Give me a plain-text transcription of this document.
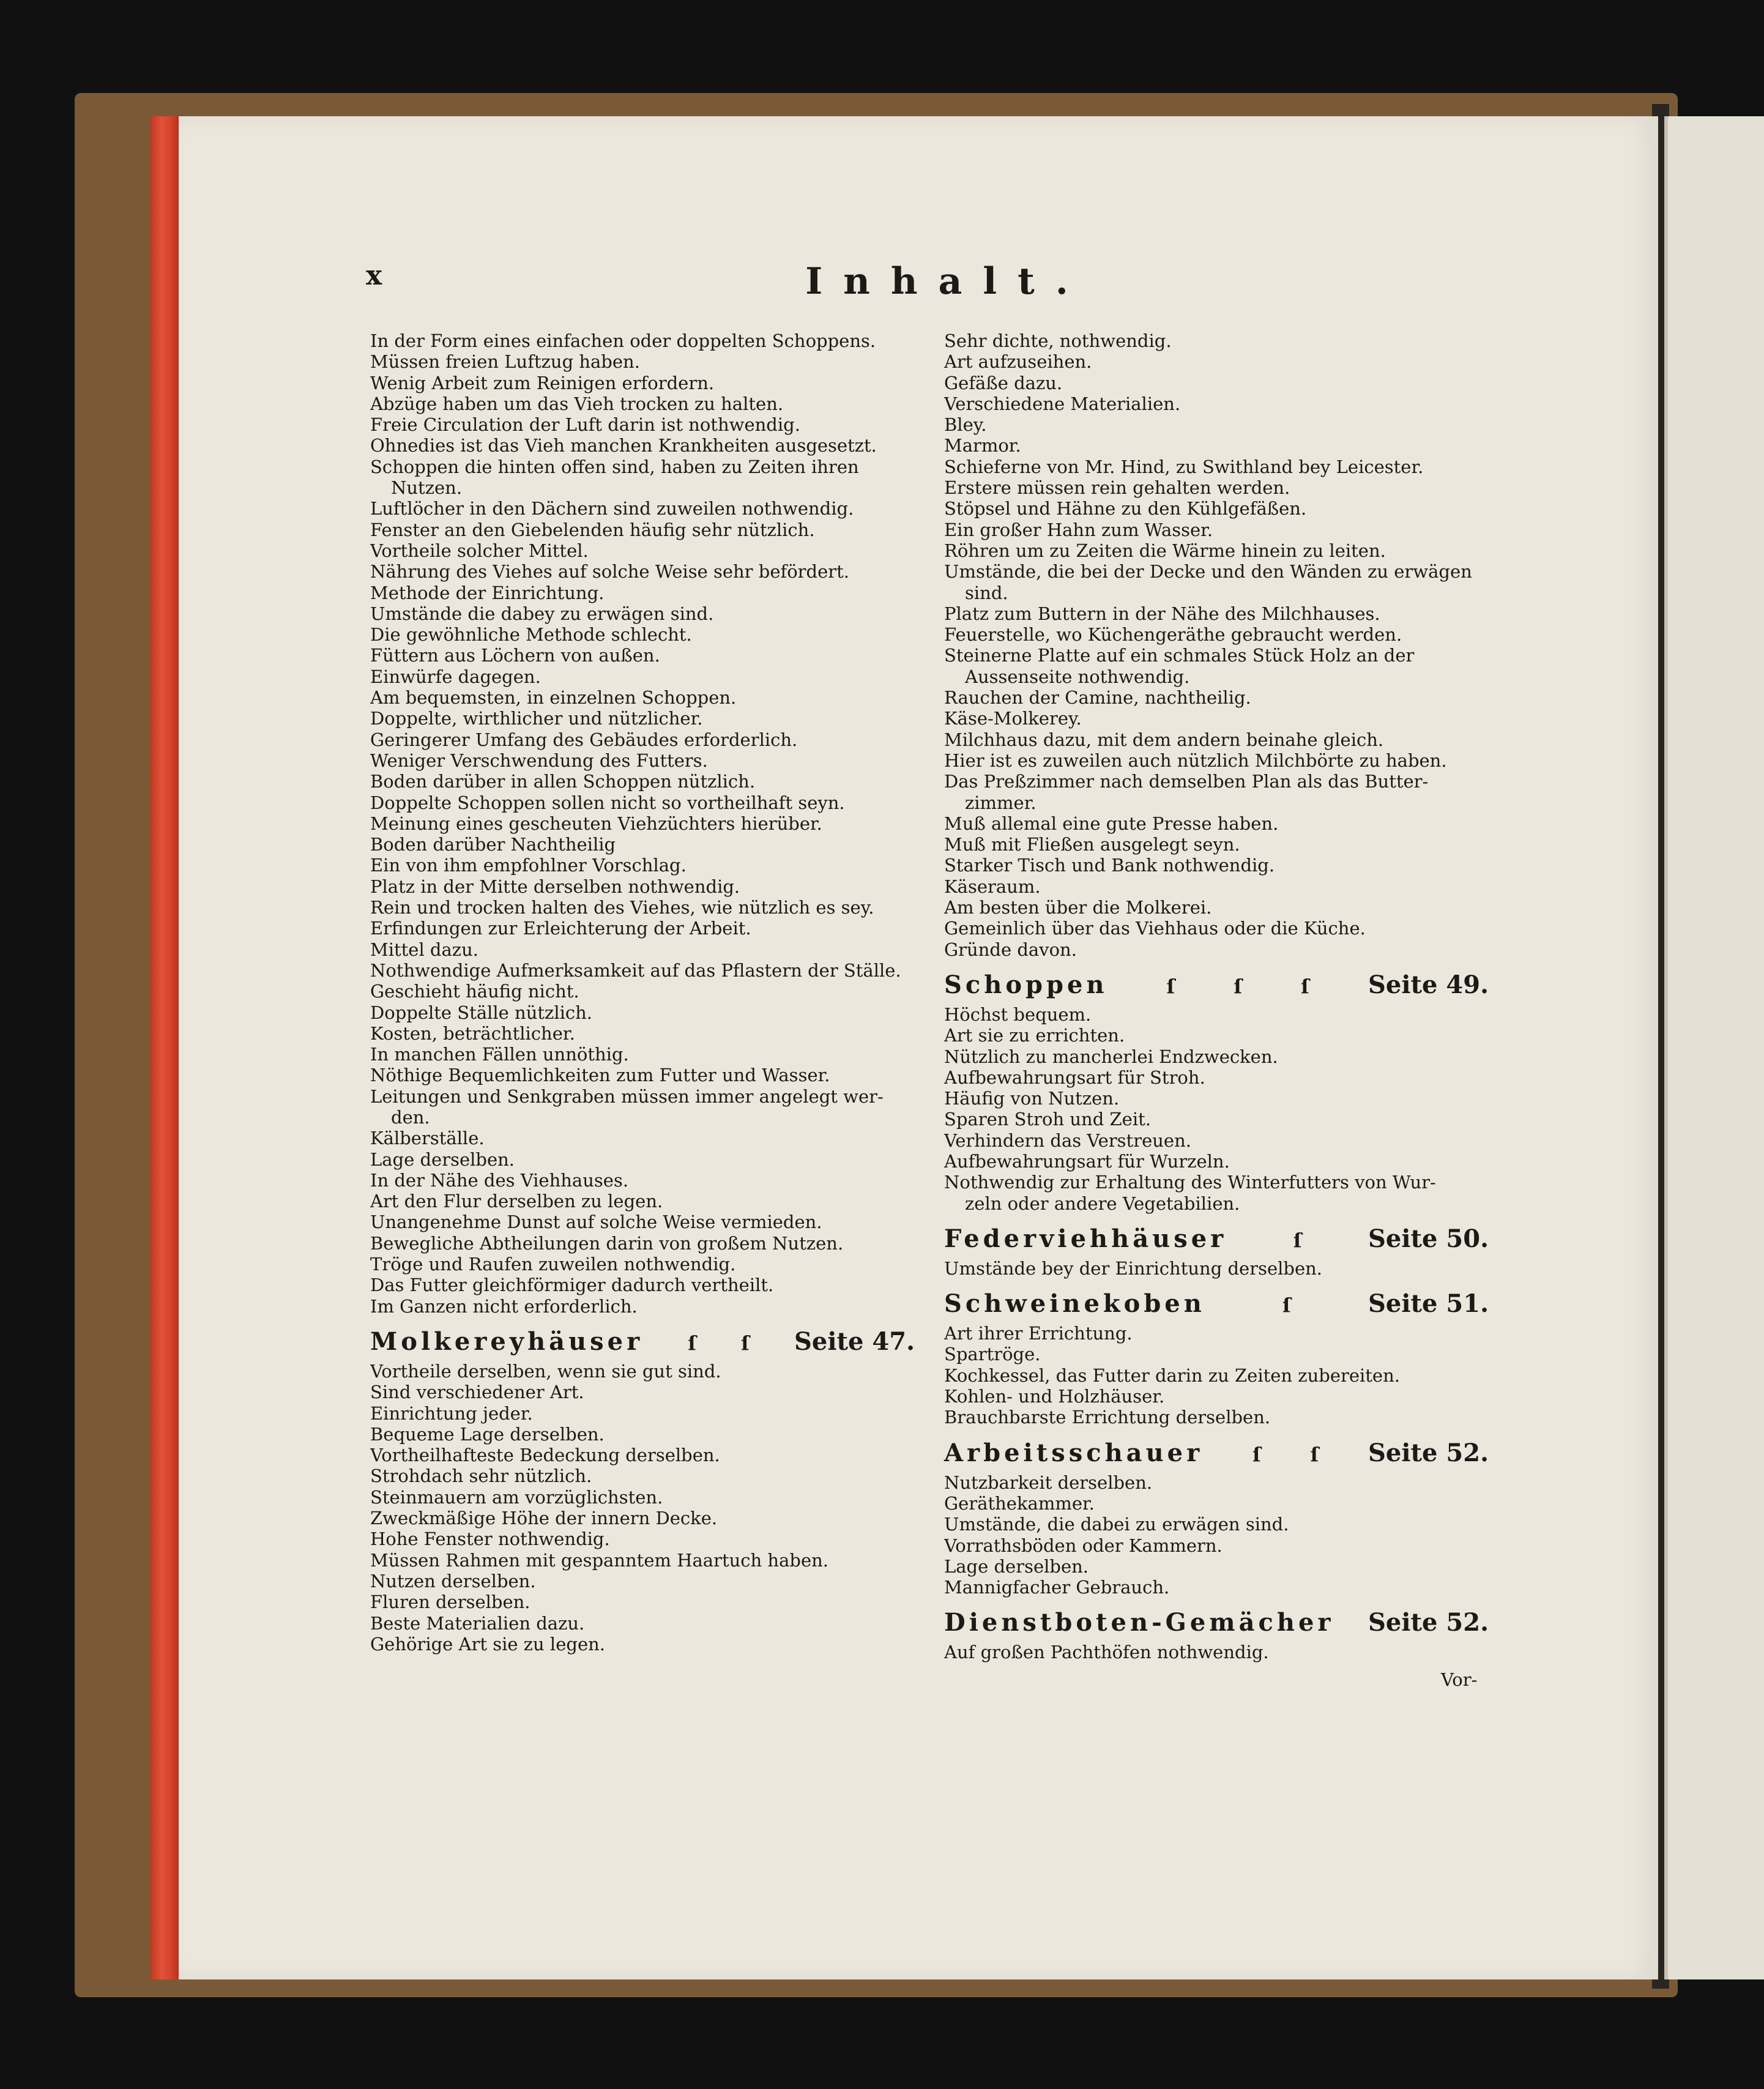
x	Inhalt.
In der Form eines einfachen oder doppelten Schoppens.
Müssen freien Luftzug haben.
Wenig Arbeit zum Reinigen erfordern.
Abzüge haben um das Vieh trocken zu halten.
Freie Circulation der Luft darin ist nothwendig.
Ohnedies ist das Vieh manchen Krankheiten ausgesetzt.
Schoppen die hinten offen sind, haben zu Zeiten ihren
Nutzen.
Luftlöcher in den Dächern sind zuweilen nothwendig.
Fenster an den Giebelenden häufig sehr nützlich.
Vortheile solcher Mittel.
Nährung des Viehes auf solche Weise sehr befördert.
Methode der Einrichtung.
Umstände die dabey zu erwägen sind.
Die gewöhnliche Methode schlecht.
Füttern aus Löchern von außen.
Einwürfe dagegen.
Am bequemsten, in einzelnen Schoppen.
Doppelte, wirthlicher und nützlicher.
Geringerer Umfang des Gebäudes erforderlich.
Weniger Verschwendung des Futters.
Boden darüber in allen Schoppen nützlich.
Doppelte Schoppen sollen nicht so vortheilhaft seyn.
Meinung eines gescheuten Viehzüchters hierüber.
Boden darüber Nachtheilig
Ein von ihm empfohlner Vorschlag.
Platz in der Mitte derselben nothwendig.
Rein und trocken halten des Viehes, wie nützlich es sey.
Erfindungen zur Erleichterung der Arbeit.
Mittel dazu.
Nothwendige Aufmerksamkeit auf das Pflastern der Ställe.
Geschieht häufig nicht.
Doppelte Ställe nützlich.
Kosten, beträchtlicher.
In manchen Fällen unnöthig.
Nöthige Bequemlichkeiten zum Futter und Wasser.
Leitungen und Senkgraben müssen immer angelegt wer-
den.
Kälberställe.
Lage derselben.
In der Nähe des Viehhauses.
Art den Flur derselben zu legen.
Unangenehme Dunst auf solche Weise vermieden.
Bewegliche Abtheilungen darin von großem Nutzen.
Tröge und Raufen zuweilen nothwendig.
Das Futter gleichförmiger dadurch vertheilt.
Im Ganzen nicht erforderlich.
Molkereyhäuser ſ ſ Seite 47.
Vortheile derselben, wenn sie gut sind.
Sind verschiedener Art.
Einrichtung jeder.
Bequeme Lage derselben.
Vortheilhafteste Bedeckung derselben.
Strohdach sehr nützlich.
Steinmauern am vorzüglichsten.
Zweckmäßige Höhe der innern Decke.
Hohe Fenster nothwendig.
Müssen Rahmen mit gespanntem Haartuch haben.
Nutzen derselben.
Fluren derselben.
Beste Materialien dazu.
Gehörige Art sie zu legen.
Sehr dichte, nothwendig.
Art aufzuseihen.
Gefäße dazu.
Verschiedene Materialien.
Bley.
Marmor.
Schieferne von Mr. Hind, zu Swithland bey Leicester.
Erstere müssen rein gehalten werden.
Stöpsel und Hähne zu den Kühlgefäßen.
Ein großer Hahn zum Wasser.
Röhren um zu Zeiten die Wärme hinein zu leiten.
Umstände, die bei der Decke und den Wänden zu erwägen
sind.
Platz zum Buttern in der Nähe des Milchhauses.
Feuerstelle, wo Küchengeräthe gebraucht werden.
Steinerne Platte auf ein schmales Stück Holz an der
Aussenseite nothwendig.
Rauchen der Camine, nachtheilig.
Käse-Molkerey.
Milchhaus dazu, mit dem andern beinahe gleich.
Hier ist es zuweilen auch nützlich Milchbörte zu haben.
Das Preßzimmer nach demselben Plan als das Butter-
zimmer.
Muß allemal eine gute Presse haben.
Muß mit Fließen ausgelegt seyn.
Starker Tisch und Bank nothwendig.
Käseraum.
Am besten über die Molkerei.
Gemeinlich über das Viehhaus oder die Küche.
Gründe davon.
Schoppen	ſ	ſ	ſ Seite 49.
Höchst bequem.
Art sie zu errichten.
Nützlich zu mancherlei Endzwecken.
Aufbewahrungsart für Stroh.
Häufig von Nutzen.
Sparen Stroh und Zeit.
Verhindern das Verstreuen.
Aufbewahrungsart für Wurzeln.
Nothwendig zur Erhaltung des Winterfutters von Wur-
zeln oder andere Vegetabilien.
Federviehhäuser	ſ	Seite 50.
Umstände bey der Einrichtung derselben.
Schweinekoben	ſ	Seite 51.
Art ihrer Errichtung.
Spartröge.
Kochkessel, das Futter darin zu Zeiten zubereiten.
Kohlen- und Holzhäuser.
Brauchbarste Errichtung derselben.
Arbeitsschauer	ſ	ſ Seite 52.
Nutzbarkeit derselben.
Geräthekammer.
Umstände, die dabei zu erwägen sind.
Vorrathsböden oder Kammern.
Lage derselben.
Mannigfacher Gebrauch.
Dienstboten-Gemächer Seite 52.
Auf großen Pachthöfen nothwendig.
Vor-
